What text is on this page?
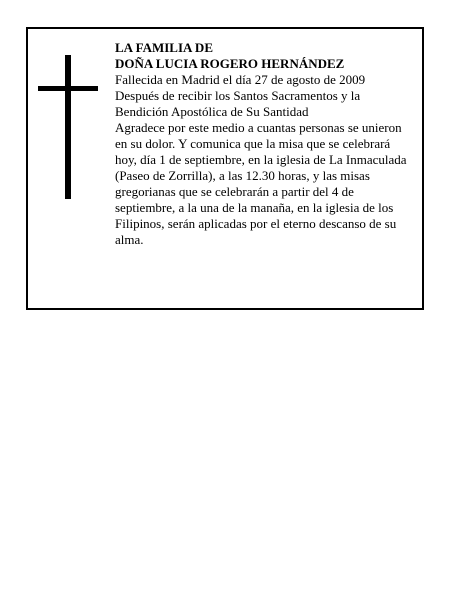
LA FAMILIA DE
DOÑA LUCIA ROGERO HERNÁNDEZ
Fallecida en Madrid el día 27 de agosto de 2009
Después de recibir los Santos Sacramentos y la
Bendición Apostólica de Su Santidad
Agradece por este medio a cuantas personas se unieron
en su dolor. Y comunica que la misa que se celebrará
hoy, día 1 de septiembre, en la iglesia de La Inmaculada
(Paseo de Zorrilla), a las 12.30 horas, y las misas
gregorianas que se celebrarán a partir del 4 de
septiembre, a la una de la manaña, en la iglesia de los
Filipinos, serán aplicadas por el eterno descanso de su
alma.
